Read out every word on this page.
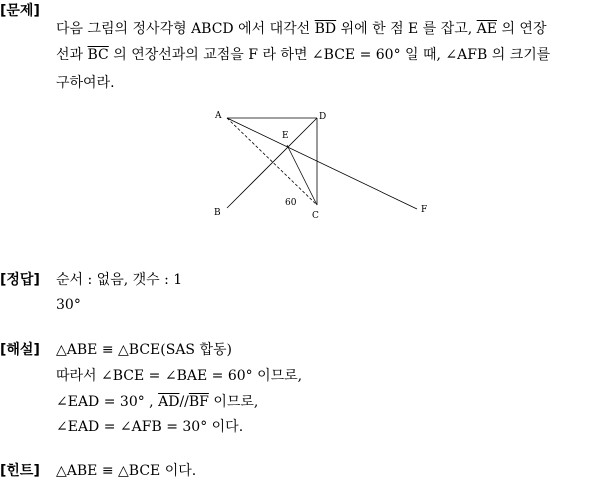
[문제]
다음 그림의 정사각형 ABCD 에서 대각선 $\overline{BD}$ 위에 한 점 E 를 잡고, $\overline{AE}$ 의 연장
선과 $\overline{BC}$ 의 연장선과의 교점을 F 라 하면 ∠BCE = 60° 일 때, ∠AFB 의 크기를
구하여라.
A	D
E
B	C
F
60
[정답] 순서 : 없음, 갯수 : 1
30°
[해설] △ABE ≡ △BCE(SAS 합동)
따라서 ∠BCE = ∠BAE = 60° 이므로,
∠EAD = 30° , $\overline{AD}//\overline{BF}$ 이므로,
∠EAD = ∠AFB = 30° 이다.
[힌트] △ABE ≡ △BCE 이다.
